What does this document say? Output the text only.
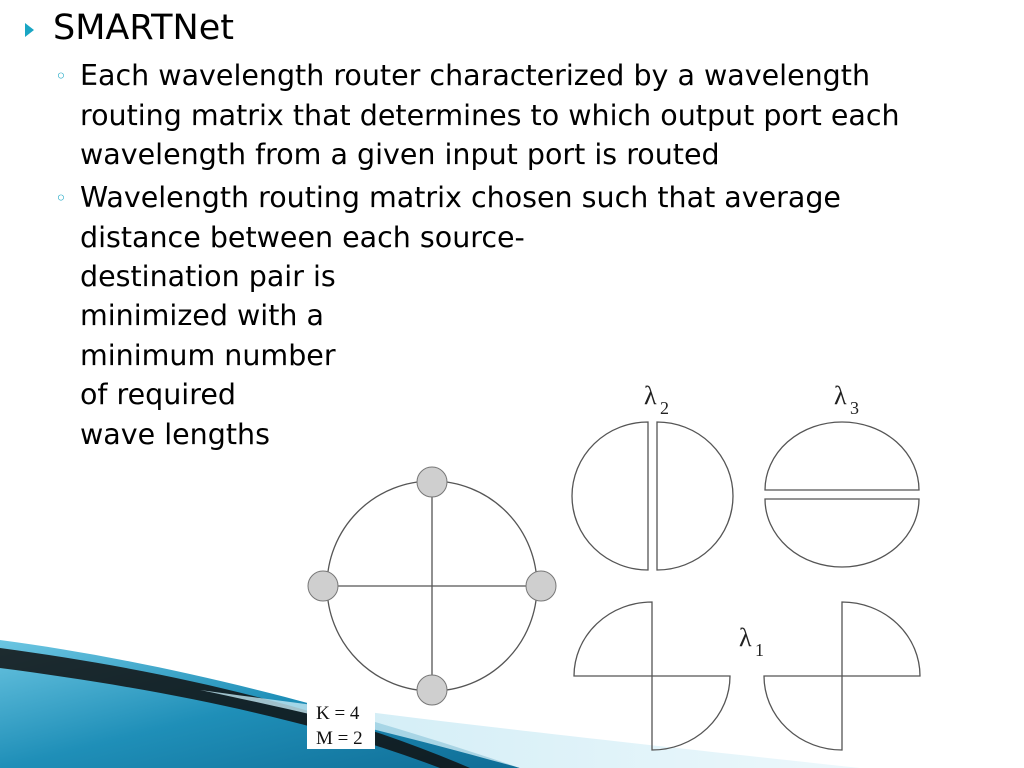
SMARTNet
◦ Each wavelength router characterized by a wavelength
routing matrix that determines to which output port each
wavelength from a given input port is routed
◦ Wavelength routing matrix chosen such that average
distance between each source-
destination pair is
minimized with a
minimum number
of required
wave lengths
λ 2	λ 3
λ 1
K = 4
M = 2
